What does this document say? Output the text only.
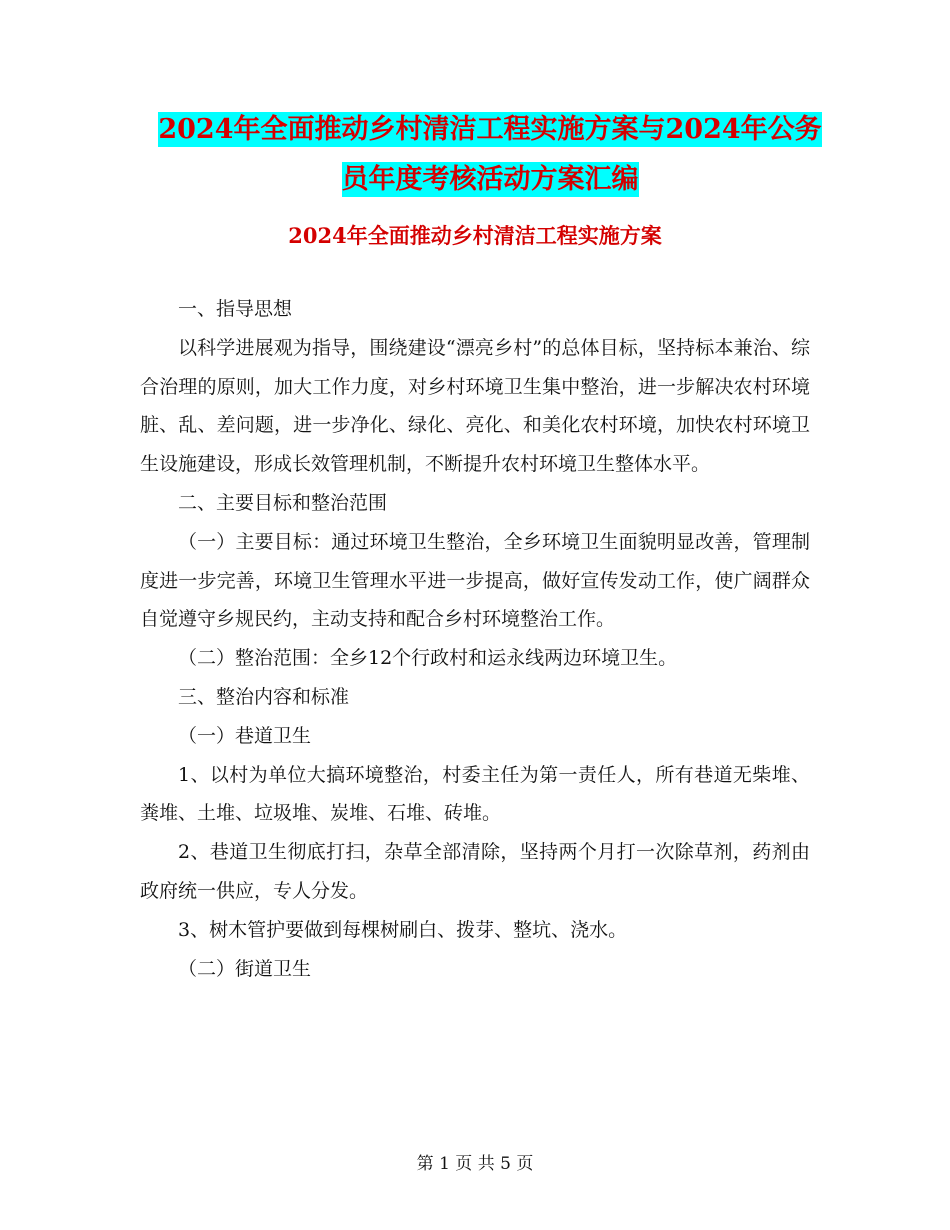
2024年全面推动乡村清洁工程实施方案与2024年公务
员年度考核活动方案汇编
2024年全面推动乡村清洁工程实施方案

一、指导思想

以科学进展观为指导，围绕建设“漂亮乡村”的总体目标，坚持标本兼治、综合治理的原则，加大工作力度，对乡村环境卫生集中整治，进一步解决农村环境脏、乱、差问题，进一步净化、绿化、亮化、和美化农村环境，加快农村环境卫生设施建设，形成长效管理机制，不断提升农村环境卫生整体水平。

二、主要目标和整治范围

（一）主要目标：通过环境卫生整治，全乡环境卫生面貌明显改善，管理制度进一步完善，环境卫生管理水平进一步提高，做好宣传发动工作，使广阔群众自觉遵守乡规民约，主动支持和配合乡村环境整治工作。

（二）整治范围：全乡12个行政村和运永线两边环境卫生。

三、整治内容和标准

（一）巷道卫生

1、以村为单位大搞环境整治，村委主任为第一责任人，所有巷道无柴堆、粪堆、土堆、垃圾堆、炭堆、石堆、砖堆。

2、巷道卫生彻底打扫，杂草全部清除，坚持两个月打一次除草剂，药剂由政府统一供应，专人分发。

3、树木管护要做到每棵树刷白、拨芽、整坑、浇水。

（二）街道卫生

第 1 页 共 5 页
